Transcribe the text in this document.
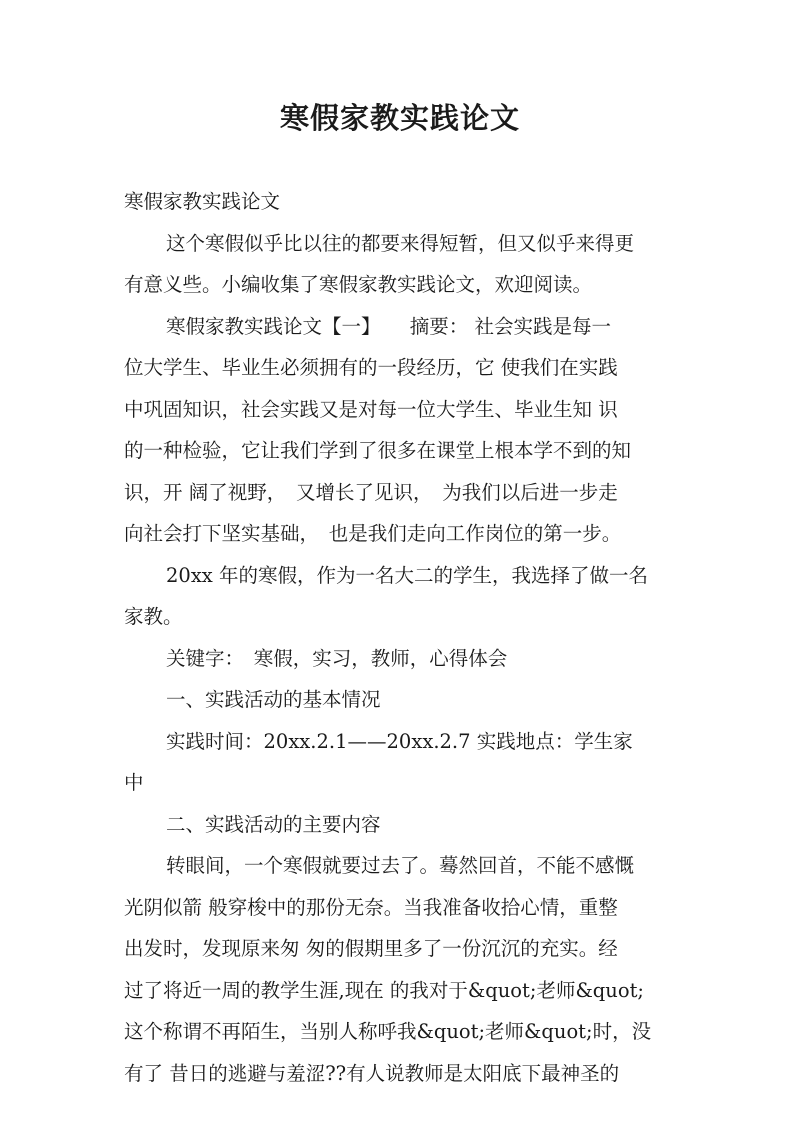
寒假家教实践论文
寒假家教实践论文
这个寒假似乎比以往的都要来得短暂，但又似乎来得更
有意义些。小编收集了寒假家教实践论文，欢迎阅读。
寒假家教实践论文【一】　　摘要： 社会实践是每一
位大学生、毕业生必须拥有的一段经历，它 使我们在实践
中巩固知识，社会实践又是对每一位大学生、毕业生知 识
的一种检验，它让我们学到了很多在课堂上根本学不到的知
识，开 阔了视野，　又增长了见识，　为我们以后进一步走
向社会打下坚实基础，　也是我们走向工作岗位的第一步。
20xx 年的寒假，作为一名大二的学生，我选择了做一名
家教。
关键字：　寒假，实习，教师，心得体会
一、实践活动的基本情况
实践时间：20xx.2.1——20xx.2.7 实践地点：学生家
中
二、实践活动的主要内容
转眼间，一个寒假就要过去了。蓦然回首，不能不感慨
光阴似箭 般穿梭中的那份无奈。当我准备收拾心情，重整
出发时，发现原来匆 匆的假期里多了一份沉沉的充实。经
过了将近一周的教学生涯,现在 的我对于&quot;老师&quot;
这个称谓不再陌生，当别人称呼我&quot;老师&quot;时，没
有了 昔日的逃避与羞涩??有人说教师是太阳底下最神圣的
